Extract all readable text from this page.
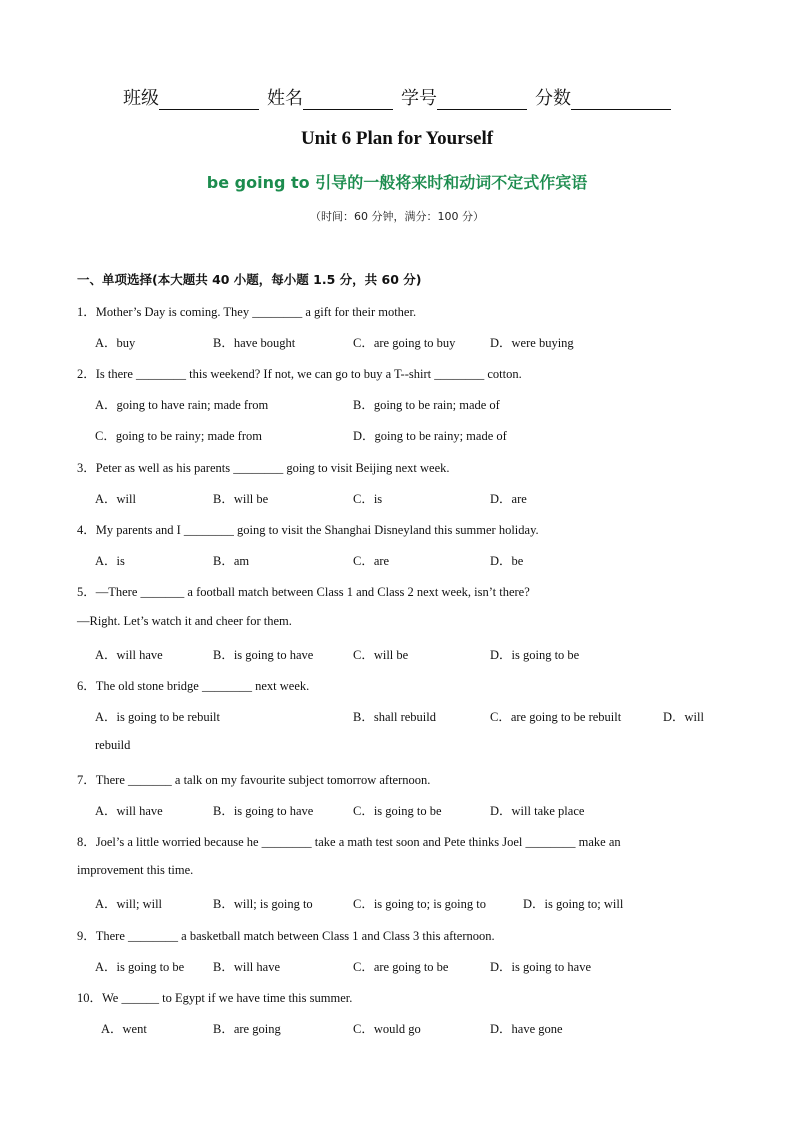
班级	姓名	学号	分数
Unit 6 Plan for Yourself
be going to 引导的一般将来时和动词不定式作宾语
（时间：60 分钟，满分：100 分）
一、单项选择(本大题共 40 小题，每小题 1.5 分，共 60 分)
1．Mother’s Day is coming. They ________ a gift for their mother.
A．buy	B．have bought	C．are going to buy	D．were buying
2．Is there ________ this weekend? If not, we can go to buy a T--shirt ________ cotton.
A．going to have rain; made from	B．going to be rain; made of
C．going to be rainy; made from	D．going to be rainy; made of
3．Peter as well as his parents ________ going to visit Beijing next week.
A．will	B．will be	C．is	D．are
4．My parents and I ________ going to visit the Shanghai Disneyland this summer holiday.
A．is	B．am	C．are	D．be
5．—There _______ a football match between Class 1 and Class 2 next week, isn’t there?
—Right. Let’s watch it and cheer for them.
A．will have	B．is going to have	C．will be	D．is going to be
6．The old stone bridge ________ next week.
A．is going to be rebuilt	B．shall rebuild	C．are going to be rebuilt	D．will
rebuild
7．There _______ a talk on my favourite subject tomorrow afternoon.
A．will have	B．is going to have	C．is going to be	D．will take place
8．Joel’s a little worried because he ________ take a math test soon and Pete thinks Joel ________ make an
improvement this time.
A．will; will	B．will; is going to	C．is going to; is going to	D．is going to; will
9．There ________ a basketball match between Class 1 and Class 3 this afternoon.
A．is going to be B．will have	C．are going to be	D．is going to have
10．We ______ to Egypt if we have time this summer.
A．went	B．are going	C．would go	D．have gone
